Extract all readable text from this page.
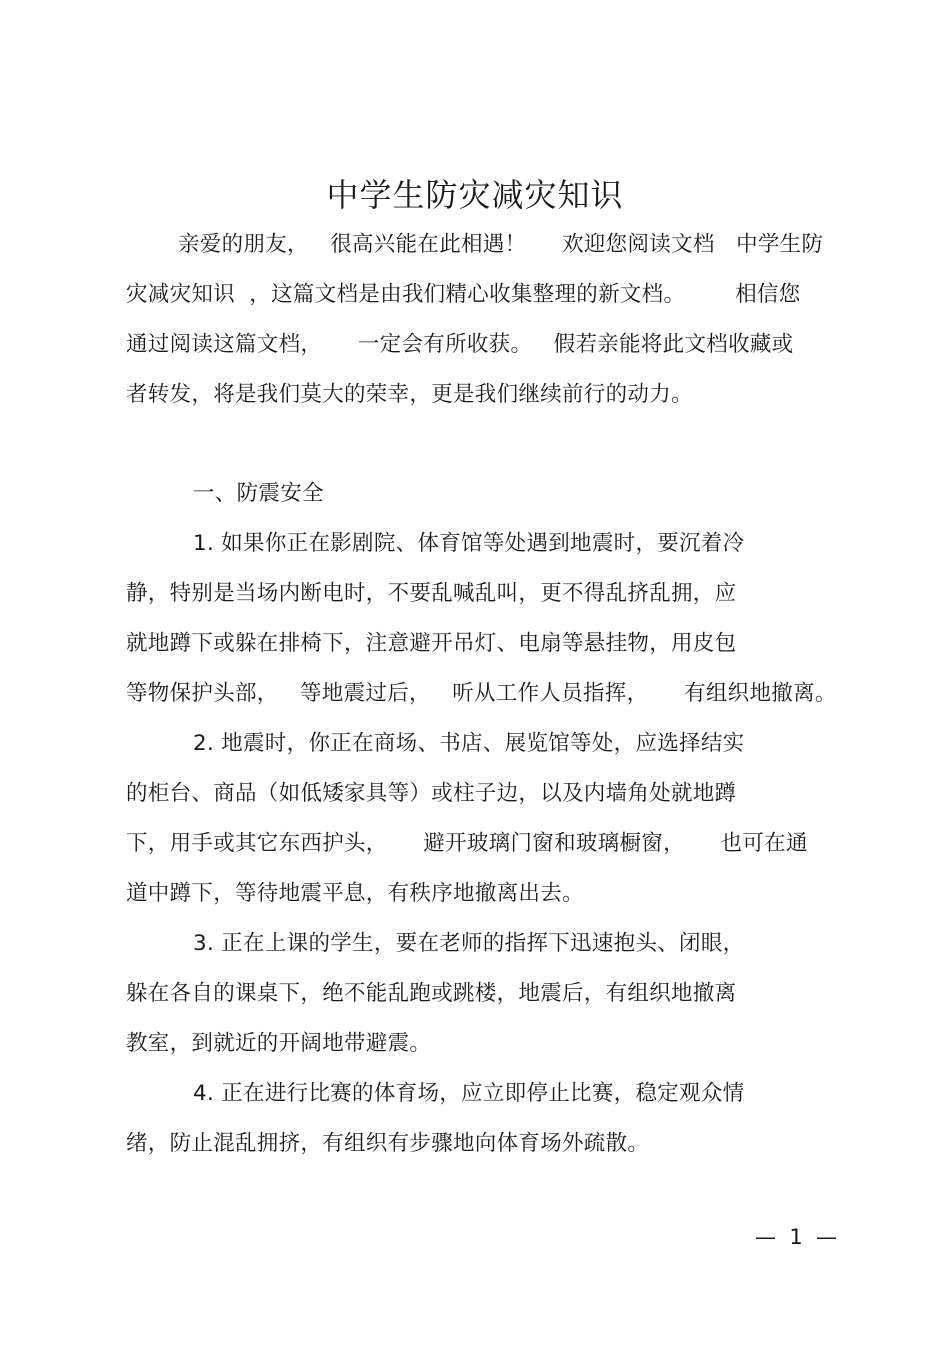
中学生防灾减灾知识
亲爱的朋友，   很高兴能在此相遇！     欢迎您阅读文档   中学生防
灾减灾知识  ，这篇文档是由我们精心收集整理的新文档。       相信您
通过阅读这篇文档，     一定会有所收获。   假若亲能将此文档收藏或
者转发，将是我们莫大的荣幸，更是我们继续前行的动力。
一、防震安全
1. 如果你正在影剧院、体育馆等处遇到地震时，要沉着冷
静，特别是当场内断电时，不要乱喊乱叫，更不得乱挤乱拥，应
就地蹲下或躲在排椅下，注意避开吊灯、电扇等悬挂物，用皮包
等物保护头部，   等地震过后，   听从工作人员指挥，     有组织地撤离。
2. 地震时，你正在商场、书店、展览馆等处，应选择结实
的柜台、商品（如低矮家具等）或柱子边，以及内墙角处就地蹲
下，用手或其它东西护头，     避开玻璃门窗和玻璃橱窗，     也可在通
道中蹲下，等待地震平息，有秩序地撤离出去。
3. 正在上课的学生，要在老师的指挥下迅速抱头、闭眼，
躲在各自的课桌下，绝不能乱跑或跳楼，地震后，有组织地撤离
教室，到就近的开阔地带避震。
4. 正在进行比赛的体育场，应立即停止比赛，稳定观众情
绪，防止混乱拥挤，有组织有步骤地向体育场外疏散。
—  1  —
